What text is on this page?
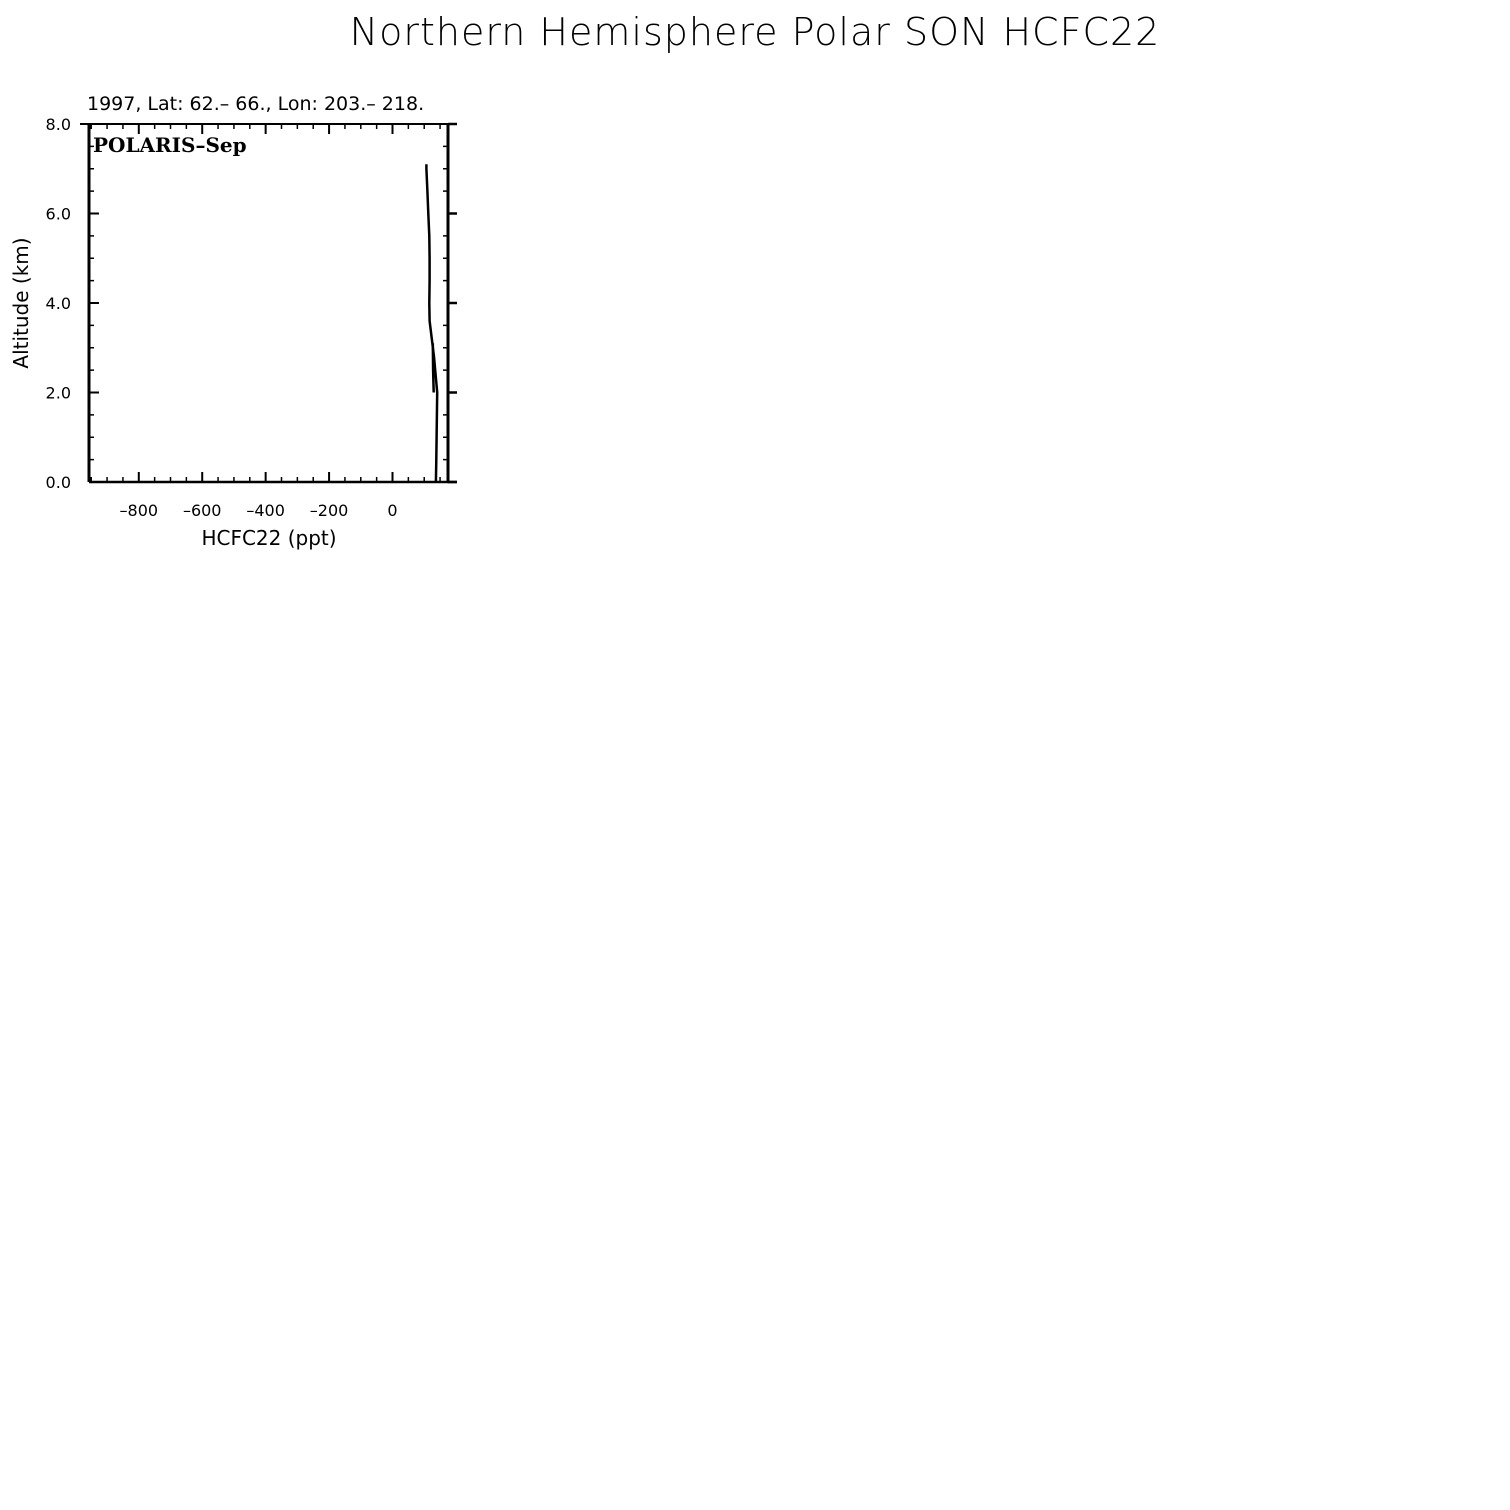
Northern Hemisphere Polar SON HCFC22
1997, Lat: 62.– 66., Lon: 203.– 218.
–800 –600 –400 –200 0
0.0
2.0
4.0
6.0
8.0
POLARIS–Sep
HCFC22 (ppt)
Altitude (km)
